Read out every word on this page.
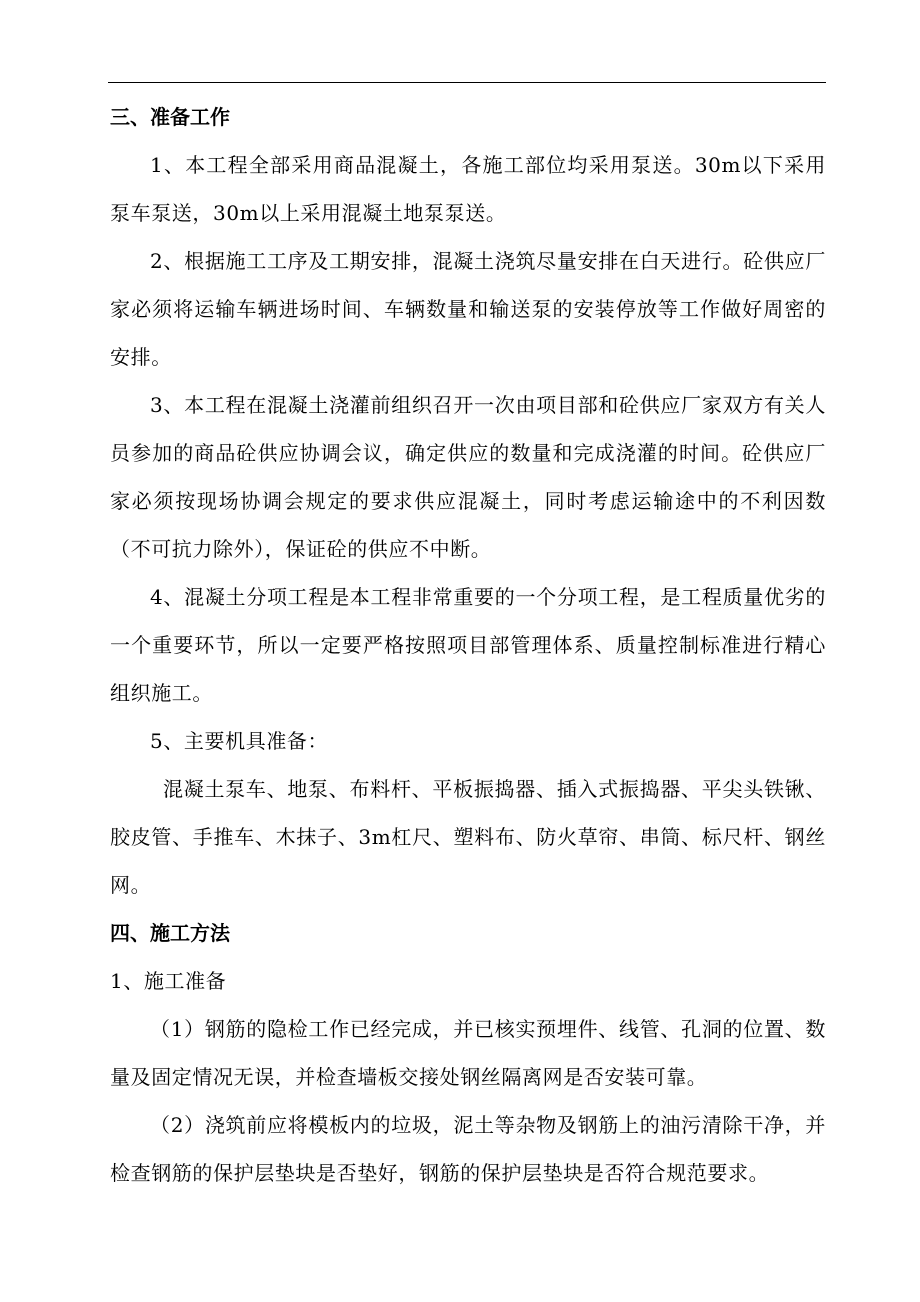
三、准备工作

1、本工程全部采用商品混凝土，各施工部位均采用泵送。30m以下采用泵车泵送，30m以上采用混凝土地泵泵送。

2、根据施工工序及工期安排，混凝土浇筑尽量安排在白天进行。砼供应厂家必须将运输车辆进场时间、车辆数量和输送泵的安装停放等工作做好周密的安排。

3、本工程在混凝土浇灌前组织召开一次由项目部和砼供应厂家双方有关人员参加的商品砼供应协调会议，确定供应的数量和完成浇灌的时间。砼供应厂家必须按现场协调会规定的要求供应混凝土，同时考虑运输途中的不利因数（不可抗力除外），保证砼的供应不中断。

4、混凝土分项工程是本工程非常重要的一个分项工程，是工程质量优劣的一个重要环节，所以一定要严格按照项目部管理体系、质量控制标准进行精心组织施工。

5、主要机具准备：

混凝土泵车、地泵、布料杆、平板振捣器、插入式振捣器、平尖头铁锹、胶皮管、手推车、木抹子、3m杠尺、塑料布、防火草帘、串筒、标尺杆、钢丝网。

四、施工方法

1、施工准备

（1）钢筋的隐检工作已经完成，并已核实预埋件、线管、孔洞的位置、数量及固定情况无误，并检查墙板交接处钢丝隔离网是否安装可靠。

（2）浇筑前应将模板内的垃圾，泥土等杂物及钢筋上的油污清除干净，并检查钢筋的保护层垫块是否垫好，钢筋的保护层垫块是否符合规范要求。
